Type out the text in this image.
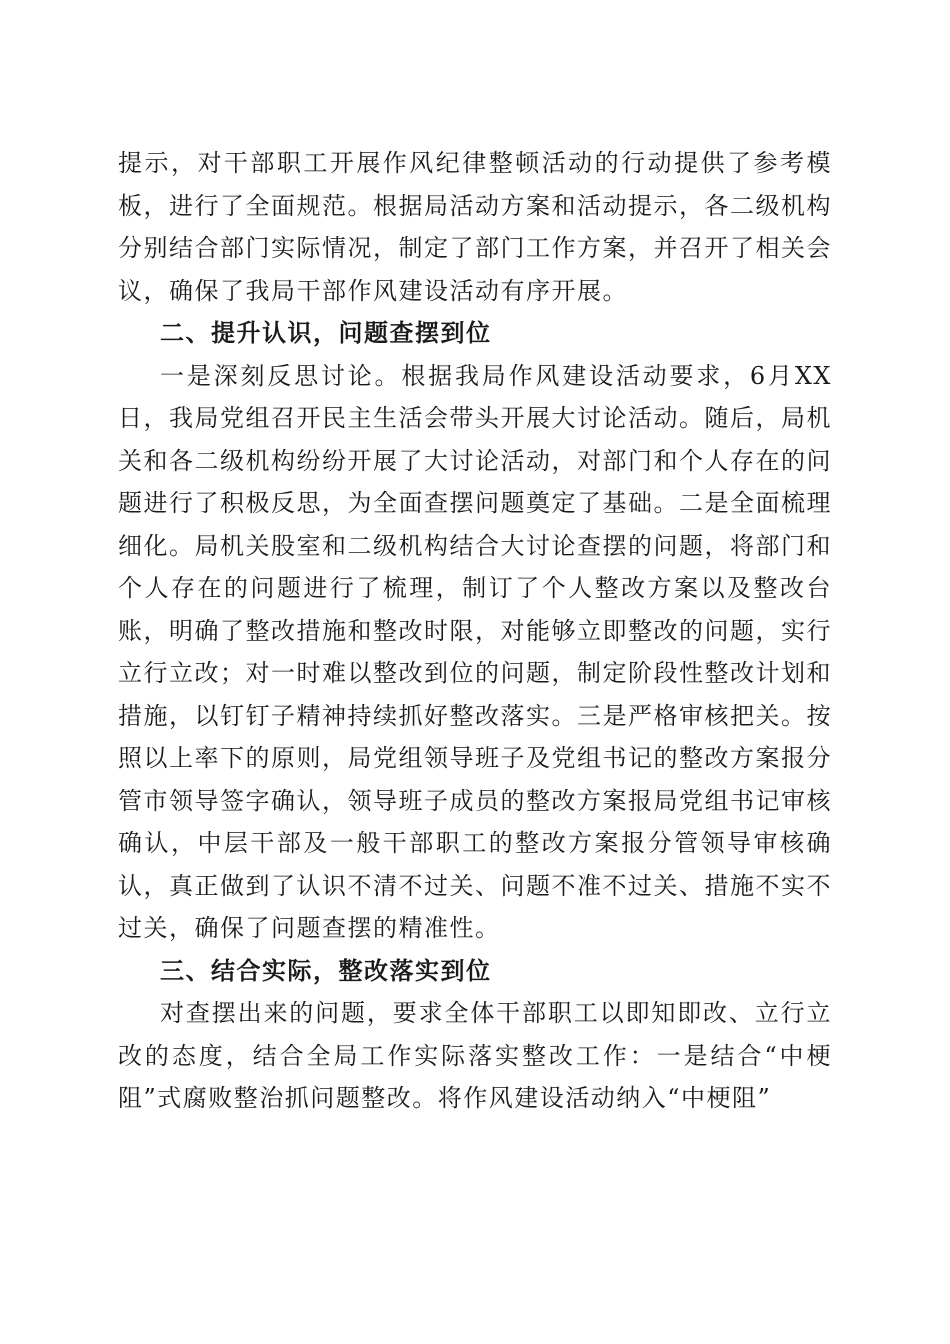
提示，对干部职工开展作风纪律整顿活动的行动提供了参考模板，进行了全面规范。根据局活动方案和活动提示，各二级机构分别结合部门实际情况，制定了部门工作方案，并召开了相关会议，确保了我局干部作风建设活动有序开展。

二、提升认识，问题查摆到位

一是深刻反思讨论。根据我局作风建设活动要求，6月XX日，我局党组召开民主生活会带头开展大讨论活动。随后，局机关和各二级机构纷纷开展了大讨论活动，对部门和个人存在的问题进行了积极反思，为全面查摆问题奠定了基础。二是全面梳理细化。局机关股室和二级机构结合大讨论查摆的问题，将部门和个人存在的问题进行了梳理，制订了个人整改方案以及整改台账，明确了整改措施和整改时限，对能够立即整改的问题，实行立行立改；对一时难以整改到位的问题，制定阶段性整改计划和措施，以钉钉子精神持续抓好整改落实。三是严格审核把关。按照以上率下的原则，局党组领导班子及党组书记的整改方案报分管市领导签字确认，领导班子成员的整改方案报局党组书记审核确认，中层干部及一般干部职工的整改方案报分管领导审核确认，真正做到了认识不清不过关、问题不准不过关、措施不实不过关，确保了问题查摆的精准性。

三、结合实际，整改落实到位

对查摆出来的问题，要求全体干部职工以即知即改、立行立改的态度，结合全局工作实际落实整改工作：一是结合“中梗阻”式腐败整治抓问题整改。将作风建设活动纳入“中梗阻”
